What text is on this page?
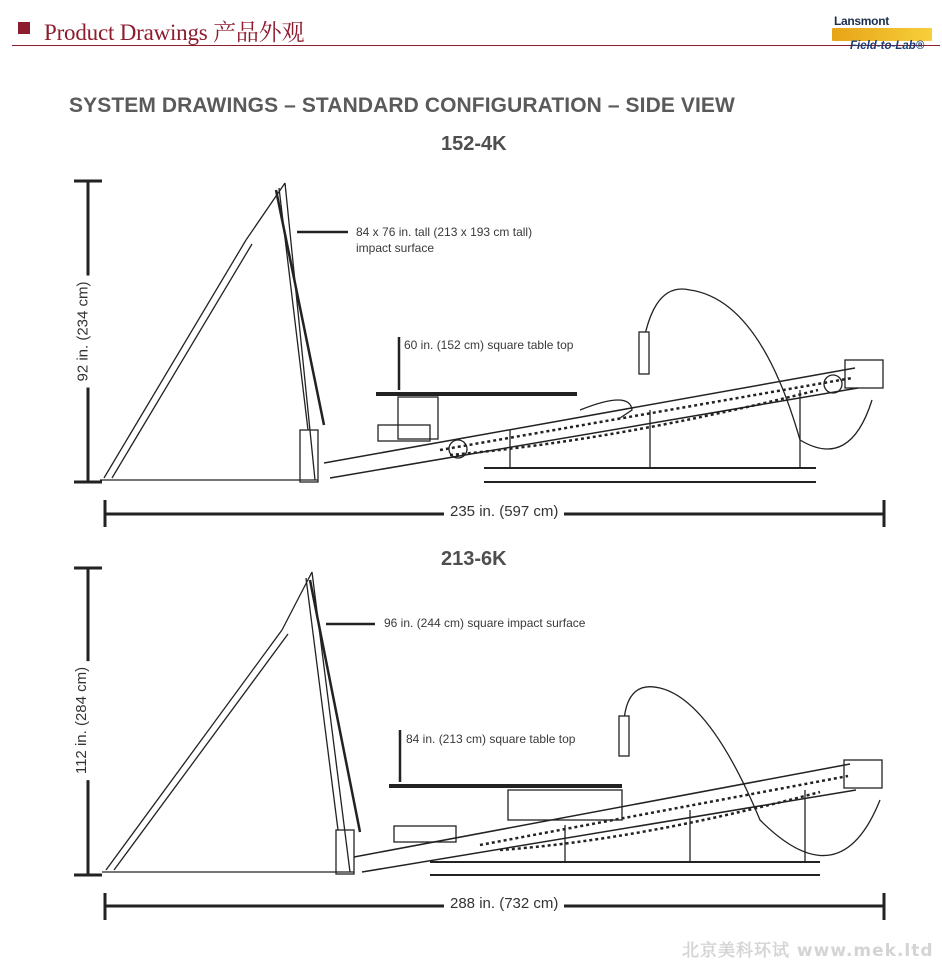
Product Drawings 产品外观	Lansmont
Field-to-Lab®
SYSTEM DRAWINGS – STANDARD CONFIGURATION – SIDE VIEW
152-4K
84 x 76 in. tall (213 x 193 cm tall)
impact surface
60 in. (152 cm) square table top
92 in. (234 cm)
235 in. (597 cm)
213-6K
96 in. (244 cm) square impact surface
84 in. (213 cm) square table top
112 in. (284 cm)
288 in. (732 cm)
北京美科环试 www.mek.ltd
